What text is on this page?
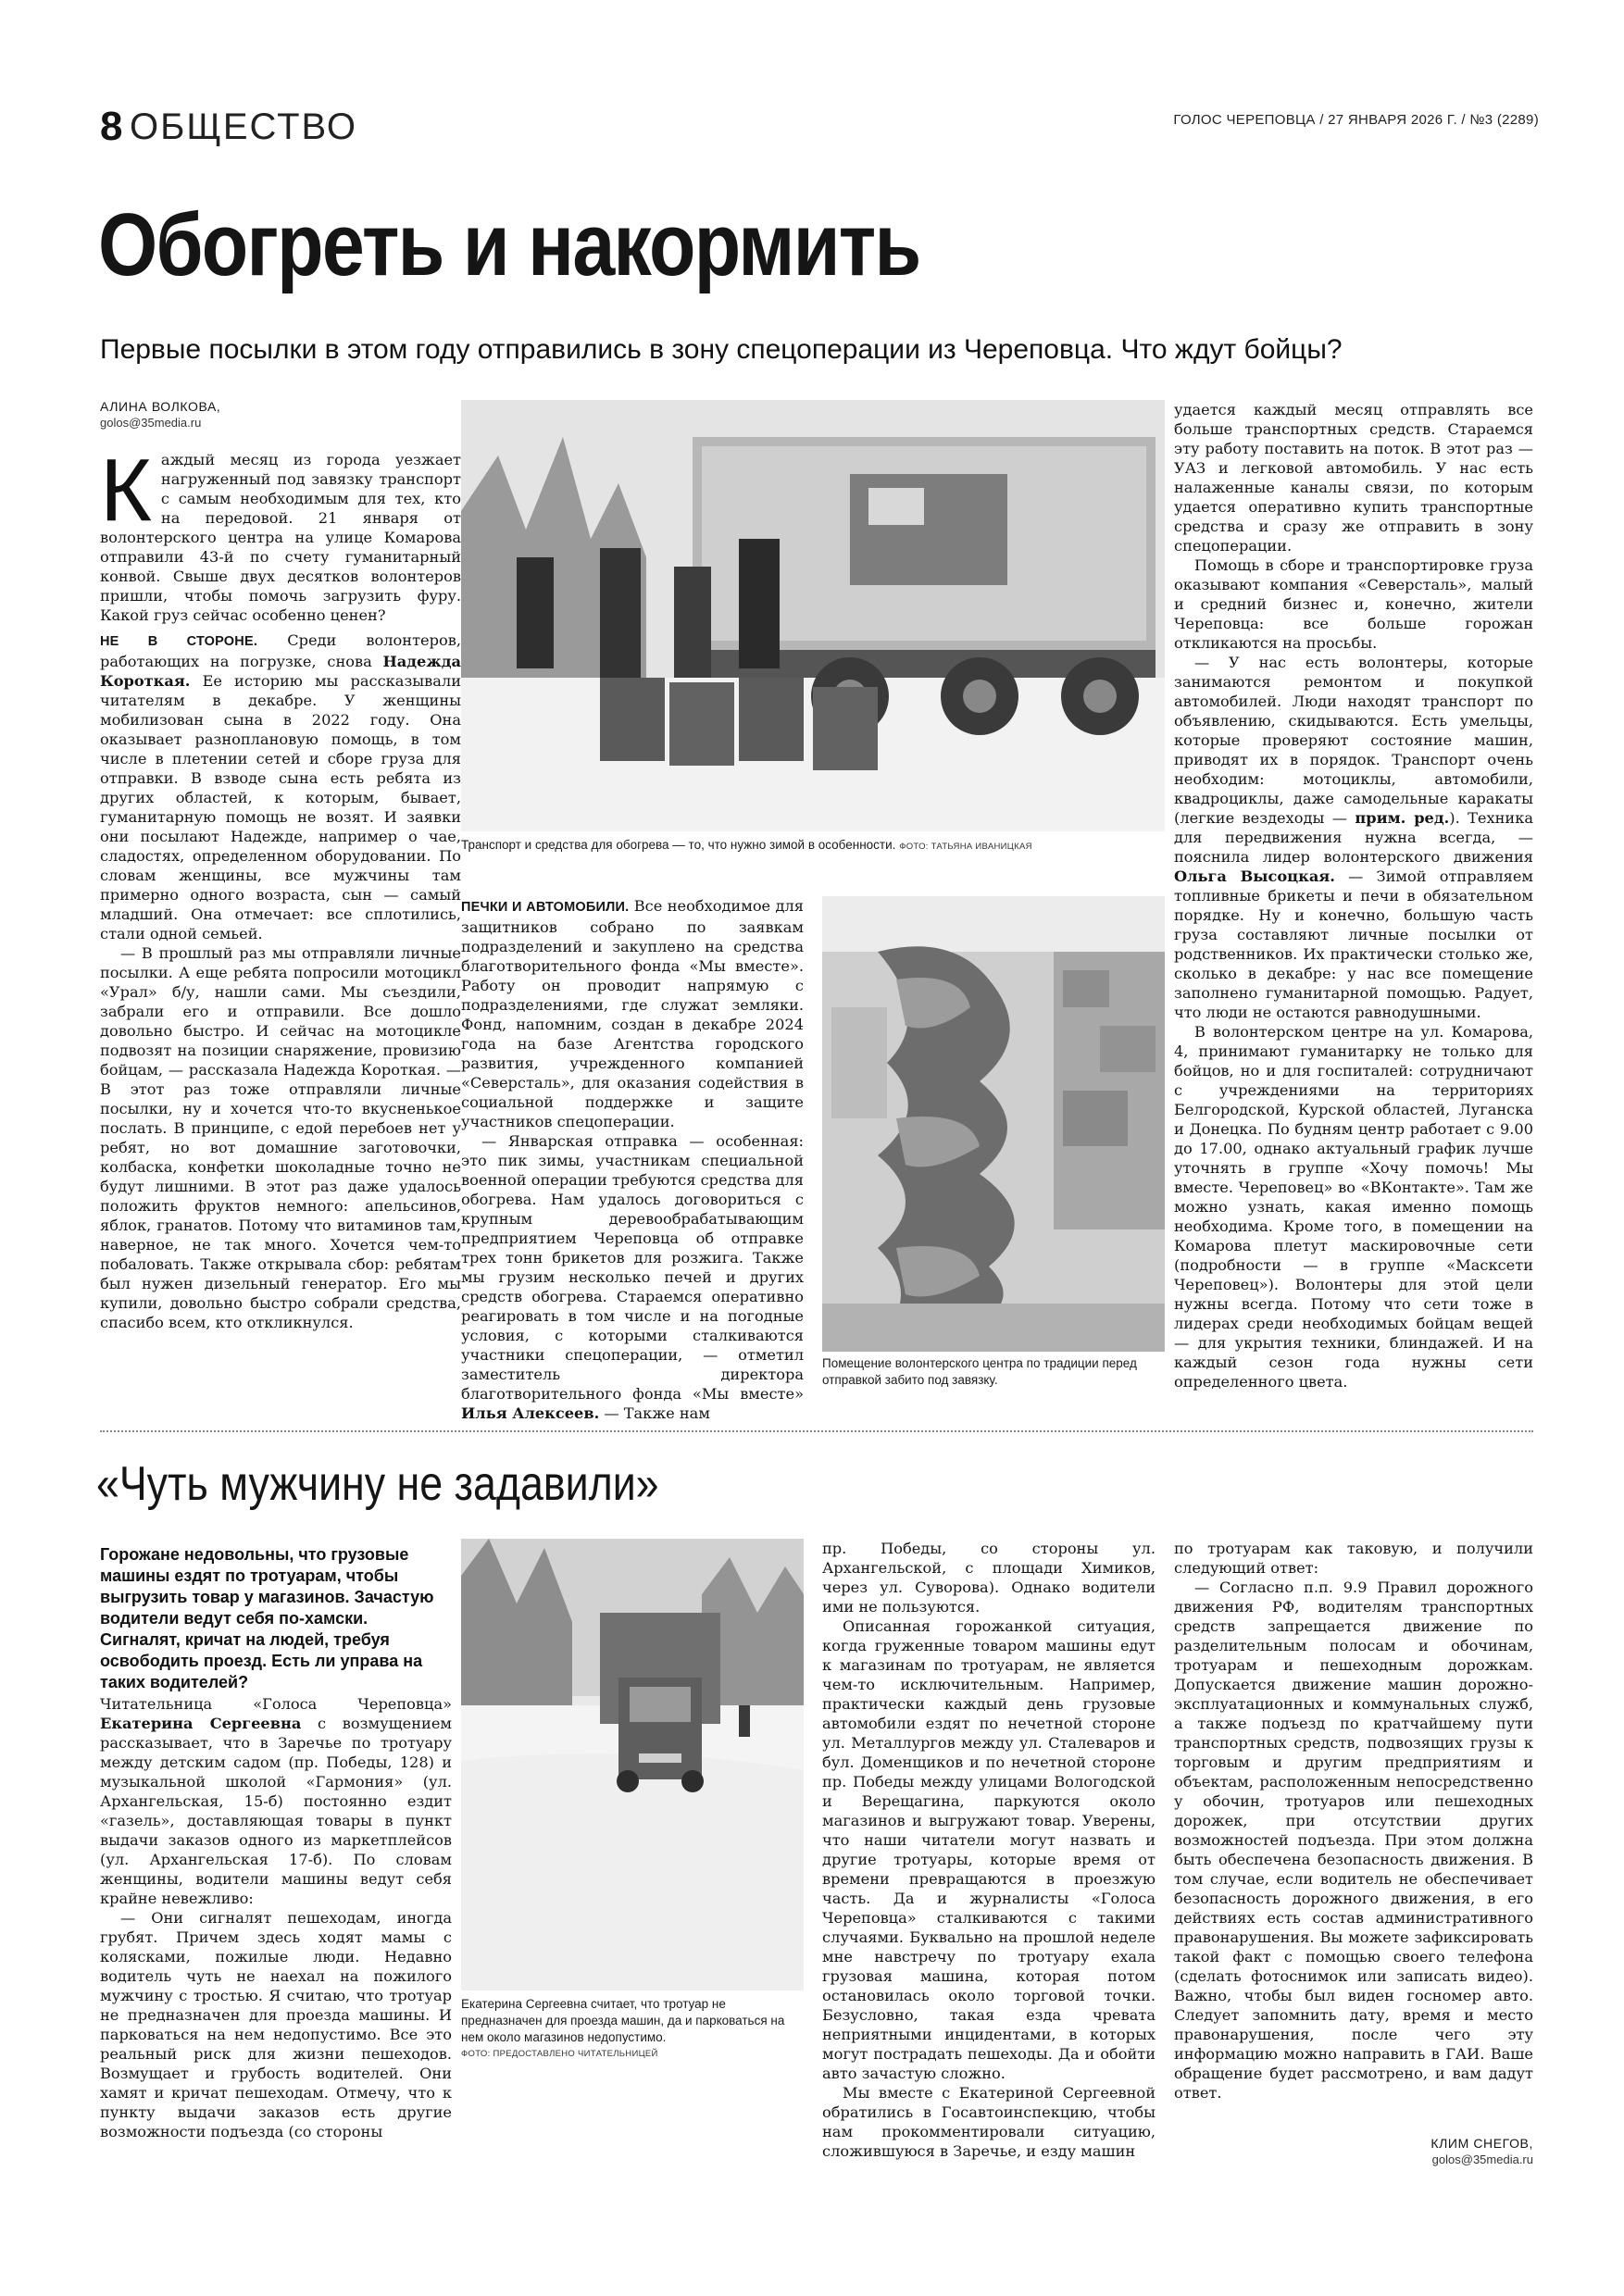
8 ОБЩЕСТВО	ГОЛОС ЧЕРЕПОВЦА / 27 ЯНВАРЯ 2026 Г. / №3 (2289)
Обогреть и накормить
Первые посылки в этом году отправились в зону спецоперации из Череповца. Что ждут бойцы?
АЛИНА ВОЛКОВА,
golos@35media.ru

Каждый месяц из города уезжает нагруженный под завязку транспорт с самым необходимым для тех, кто на передовой. 21 января от волонтерского центра на улице Комарова отправили 43-й по счету гуманитарный конвой. Свыше двух десятков волонтеров пришли, чтобы помочь загрузить фуру. Какой груз сейчас особенно ценен?

НЕ В СТОРОНЕ. Среди волонтеров, работающих на погрузке, снова Надежда Короткая. Ее историю мы рассказывали читателям в декабре. У женщины мобилизован сына в 2022 году. Она оказывает разноплановую помощь, в том числе в плетении сетей и сборе груза для отправки. В взводе сына есть ребята из других областей, к которым, бывает, гуманитарную помощь не возят. И заявки они посылают Надежде, например о чае, сладостях, определенном оборудовании. По словам женщины, все мужчины там примерно одного возраста, сын — самый младший. Она отмечает: все сплотились, стали одной семьей.

— В прошлый раз мы отправляли личные посылки. А еще ребята попросили мотоцикл «Урал» б/у, нашли сами. Мы съездили, забрали его и отправили. Все дошло довольно быстро. И сейчас на мотоцикле подвозят на позиции снаряжение, провизию бойцам, — рассказала Надежда Короткая. — В этот раз тоже отправляли личные посылки, ну и хочется что-то вкусненькое послать. В принципе, с едой перебоев нет у ребят, но вот домашние заготовочки, колбаска, конфетки шоколадные точно не будут лишними. В этот раз даже удалось положить фруктов немного: апельсинов, яблок, гранатов. Потому что витаминов там, наверное, не так много. Хочется чем-то побаловать. Также открывала сбор: ребятам был нужен дизельный генератор. Его мы купили, довольно быстро собрали средства, спасибо всем, кто откликнулся.

Транспорт и средства для обогрева — то, что нужно зимой в особенности. ФОТО: ТАТЬЯНА ИВАНИЦКАЯ

ПЕЧКИ И АВТОМОБИЛИ. Все необходимое для защитников собрано по заявкам подразделений и закуплено на средства благотворительного фонда «Мы вместе». Работу он проводит напрямую с подразделениями, где служат земляки. Фонд, напомним, создан в декабре 2024 года на базе Агентства городского развития, учрежденного компанией «Северсталь», для оказания содействия в социальной поддержке и защите участников спецоперации.

— Январская отправка — особенная: это пик зимы, участникам специальной военной операции требуются средства для обогрева. Нам удалось договориться с крупным деревообрабатывающим предприятием Череповца об отправке трех тонн брикетов для розжига. Также мы грузим несколько печей и других средств обогрева. Стараемся оперативно реагировать в том числе и на погодные условия, с которыми сталкиваются участники спецоперации, — отметил заместитель директора благотворительного фонда «Мы вместе» Илья Алексеев. — Также нам

Помещение волонтерского центра по традиции перед отправкой забито под завязку.

удается каждый месяц отправлять все больше транспортных средств. Стараемся эту работу поставить на поток. В этот раз — УАЗ и легковой автомобиль. У нас есть налаженные каналы связи, по которым удается оперативно купить транспортные средства и сразу же отправить в зону спецоперации.

Помощь в сборе и транспортировке груза оказывают компания «Северсталь», малый и средний бизнес и, конечно, жители Череповца: все больше горожан откликаются на просьбы.

— У нас есть волонтеры, которые занимаются ремонтом и покупкой автомобилей. Люди находят транспорт по объявлению, скидываются. Есть умельцы, которые проверяют состояние машин, приводят их в порядок. Транспорт очень необходим: мотоциклы, автомобили, квадроциклы, даже самодельные каракаты (легкие вездеходы — прим. ред.). Техника для передвижения нужна всегда, — пояснила лидер волонтерского движения Ольга Высоцкая. — Зимой отправляем топливные брикеты и печи в обязательном порядке. Ну и конечно, большую часть груза составляют личные посылки от родственников. Их практически столько же, сколько в декабре: у нас все помещение заполнено гуманитарной помощью. Радует, что люди не остаются равнодушными.

В волонтерском центре на ул. Комарова, 4, принимают гуманитарку не только для бойцов, но и для госпиталей: сотрудничают с учреждениями на территориях Белгородской, Курской областей, Луганска и Донецка. По будням центр работает с 9.00 до 17.00, однако актуальный график лучше уточнять в группе «Хочу помочь! Мы вместе. Череповец» во «ВКонтакте». Там же можно узнать, какая именно помощь необходима. Кроме того, в помещении на Комарова плетут маскировочные сети (подробности — в группе «Масксети Череповец»). Волонтеры для этой цели нужны всегда. Потому что сети тоже в лидерах среди необходимых бойцам вещей — для укрытия техники, блиндажей. И на каждый сезон года нужны сети определенного цвета.

«Чуть мужчину не задавили»
Горожане недовольны, что грузовые машины ездят по тротуарам, чтобы выгрузить товар у магазинов. Зачастую водители ведут себя по-хамски. Сигналят, кричат на людей, требуя освободить проезд. Есть ли управа на таких водителей?

Читательница «Голоса Череповца» Екатерина Сергеевна с возмущением рассказывает, что в Заречье по тротуару между детским садом (пр. Победы, 128) и музыкальной школой «Гармония» (ул. Архангельская, 15-б) постоянно ездит «газель», доставляющая товары в пункт выдачи заказов одного из маркетплейсов (ул. Архангельская 17-б). По словам женщины, водители машины ведут себя крайне невежливо:

— Они сигналят пешеходам, иногда грубят. Причем здесь ходят мамы с колясками, пожилые люди. Недавно водитель чуть не наехал на пожилого мужчину с тростью. Я считаю, что тротуар не предназначен для проезда машины. И парковаться на нем недопустимо. Все это реальный риск для жизни пешеходов. Возмущает и грубость водителей. Они хамят и кричат пешеходам. Отмечу, что к пункту выдачи заказов есть другие возможности подъезда (со стороны

Екатерина Сергеевна считает, что тротуар не предназначен для проезда машин, да и парковаться на нем около магазинов недопустимо.
ФОТО: ПРЕДОСТАВЛЕНО ЧИТАТЕЛЬНИЦЕЙ

пр. Победы, со стороны ул. Архангельской, с площади Химиков, через ул. Суворова). Однако водители ими не пользуются.

Описанная горожанкой ситуация, когда груженные товаром машины едут к магазинам по тротуарам, не является чем-то исключительным. Например, практически каждый день грузовые автомобили ездят по нечетной стороне ул. Металлургов между ул. Сталеваров и бул. Доменщиков и по нечетной стороне пр. Победы между улицами Вологодской и Верещагина, паркуются около магазинов и выгружают товар. Уверены, что наши читатели могут назвать и другие тротуары, которые время от времени превращаются в проезжую часть. Да и журналисты «Голоса Череповца» сталкиваются с такими случаями. Буквально на прошлой неделе мне навстречу по тротуару ехала грузовая машина, которая потом остановилась около торговой точки. Безусловно, такая езда чревата неприятными инцидентами, в которых могут пострадать пешеходы. Да и обойти авто зачастую сложно.

Мы вместе с Екатериной Сергеевной обратились в Госавтоинспекцию, чтобы нам прокомментировали ситуацию, сложившуюся в Заречье, и езду машин

по тротуарам как таковую, и получили следующий ответ:

— Согласно п.п. 9.9 Правил дорожного движения РФ, водителям транспортных средств запрещается движение по разделительным полосам и обочинам, тротуарам и пешеходным дорожкам. Допускается движение машин дорожно-эксплуатационных и коммунальных служб, а также подъезд по кратчайшему пути транспортных средств, подвозящих грузы к торговым и другим предприятиям и объектам, расположенным непосредственно у обочин, тротуаров или пешеходных дорожек, при отсутствии других возможностей подъезда. При этом должна быть обеспечена безопасность движения. В том случае, если водитель не обеспечивает безопасность дорожного движения, в его действиях есть состав административного правонарушения. Вы можете зафиксировать такой факт с помощью своего телефона (сделать фотоснимок или записать видео). Важно, чтобы был виден госномер авто. Следует запомнить дату, время и место правонарушения, после чего эту информацию можно направить в ГАИ. Ваше обращение будет рассмотрено, и вам дадут ответ.

КЛИМ СНЕГОВ,
golos@35media.ru
